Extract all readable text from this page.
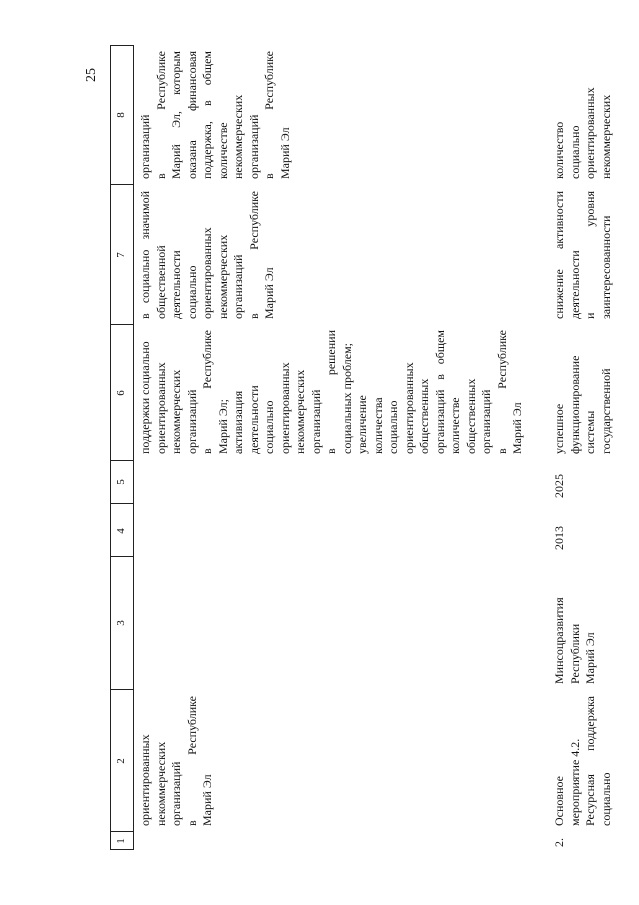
25
1
2
3
4
5
6
7
8
ориентированных некоммерческих организаций в Республике Марий Эл
поддержки социально ориентированных некоммерческих организаций в Республике Марий Эл; активизация деятельности социально ориентированных некоммерческих организаций в решении социальных проблем; увеличение количества социально ориентированных общественных организаций в общем количестве общественных организаций в Республике Марий Эл
в социально значимой общественной деятельности социально ориентированных некоммерческих организаций в Республике Марий Эл
организаций в Республике Марий Эл, которым оказана финансовая поддержка, в общем количестве некоммерческих организаций в Республике Марий Эл
2.
Основное мероприятие 4.2. Ресурсная поддержка социально
Минсоцразвития Республики Марий Эл
2013
2025
успешное функционирование системы государственной
снижение активности деятельности и уровня заинтересованности
количество социально ориентированных некоммерческих
